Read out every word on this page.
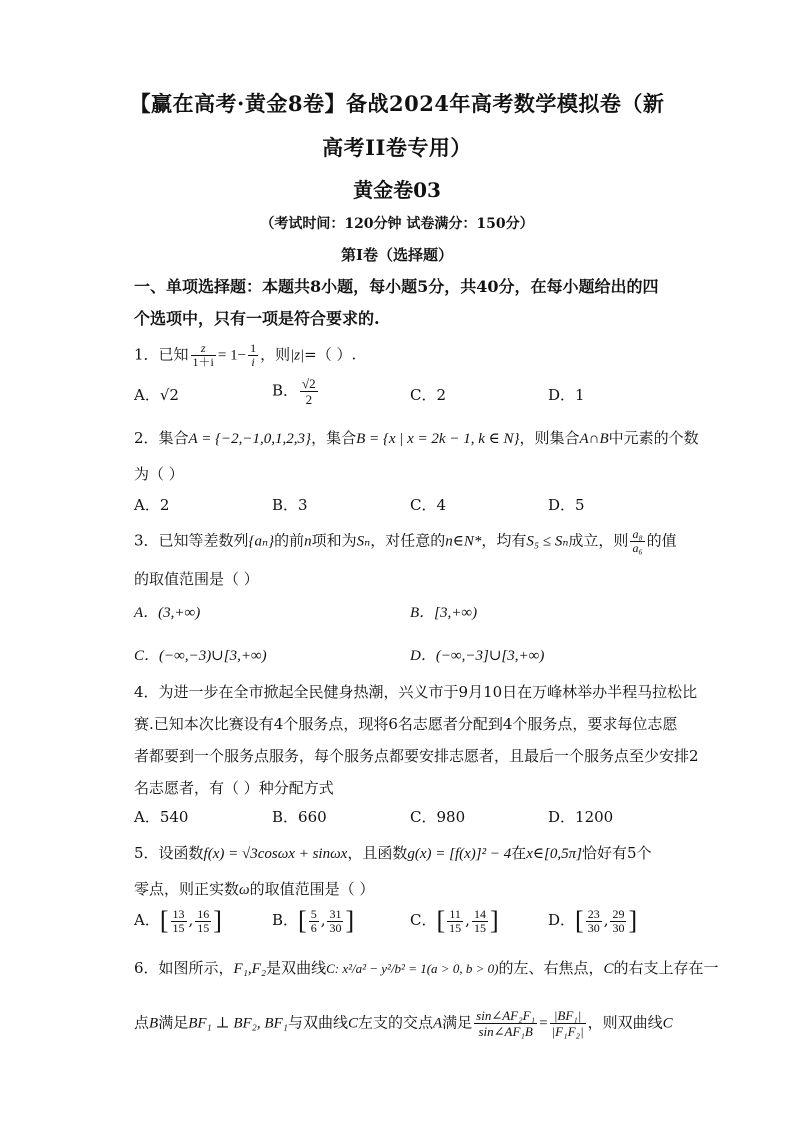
【赢在高考·黄金8卷】备战2024年高考数学模拟卷（新
高考II卷专用）
黄金卷03
（考试时间：120分钟 试卷满分：150分）
第I卷（选择题）
一、单项选择题：本题共8小题，每小题5分，共40分，在每小题给出的四
个选项中，只有一项是符合要求的.
1．已知 $\frac{z}{1+i} = 1- \frac{1}{i}$ ，则|z|=（ ）.
A．√2	B． $\frac{√2}{2}$	C．2	D．1
2．集合A = {−2,−1,0,1,2,3}，集合B = {x | x = 2k − 1, k ∈ N}，则集合A∩B中元素的个数
为（ ）
A．2	B．3	C．4	D．5
3．已知等差数列{aₙ}的前n项和为Sₙ，对任意的n∈N*，均有S₅ ≤ Sₙ成立，则 $\frac{\text{a₈}}{\text{a₆}}$ 的值
的取值范围是（ ）
A．(3,+∞)	B．[3,+∞)
C．(−∞,−3)∪[3,+∞)	D．(−∞,−3]∪[3,+∞)
4．为进一步在全市掀起全民健身热潮，兴义市于9月10日在万峰林举办半程马拉松比
赛.已知本次比赛设有4个服务点，现将6名志愿者分配到4个服务点，要求每位志愿
者都要到一个服务点服务，每个服务点都要安排志愿者，且最后一个服务点至少安排2
名志愿者，有（ ）种分配方式
A．540	B．660	C．980	D．1200
5．设函数f(x) = √3cosωx + sinωx，且函数g(x) = [f(x)]² − 4在x∈[0,5π]恰好有5个
零点，则正实数ω的取值范围是（ ）
A．[ $\frac{13}{15}$ , $\frac{16}{15}$ ]	B．[ $\frac{5}{6}$ , $\frac{31}{30}$ ]	C．[ $\frac{11}{15}$ , $\frac{14}{15}$ ]	D．[ $\frac{23}{30}$ , $\frac{29}{30}$ ]
6．如图所示，F₁,F₂是双曲线C: x²/a² − y²/b² = 1(a > 0, b > 0)的左、右焦点，C的右支上存在一
点B满足BF₁ ⊥ BF₂, BF₁与双曲线C左支的交点A满足 $\frac{\text{sin∠AF₂F₁}}{\text{sin∠AF₁B}} = \frac{\text{|BF₁|}}{\text{|F₁F₂|}}$ ，则双曲线C
